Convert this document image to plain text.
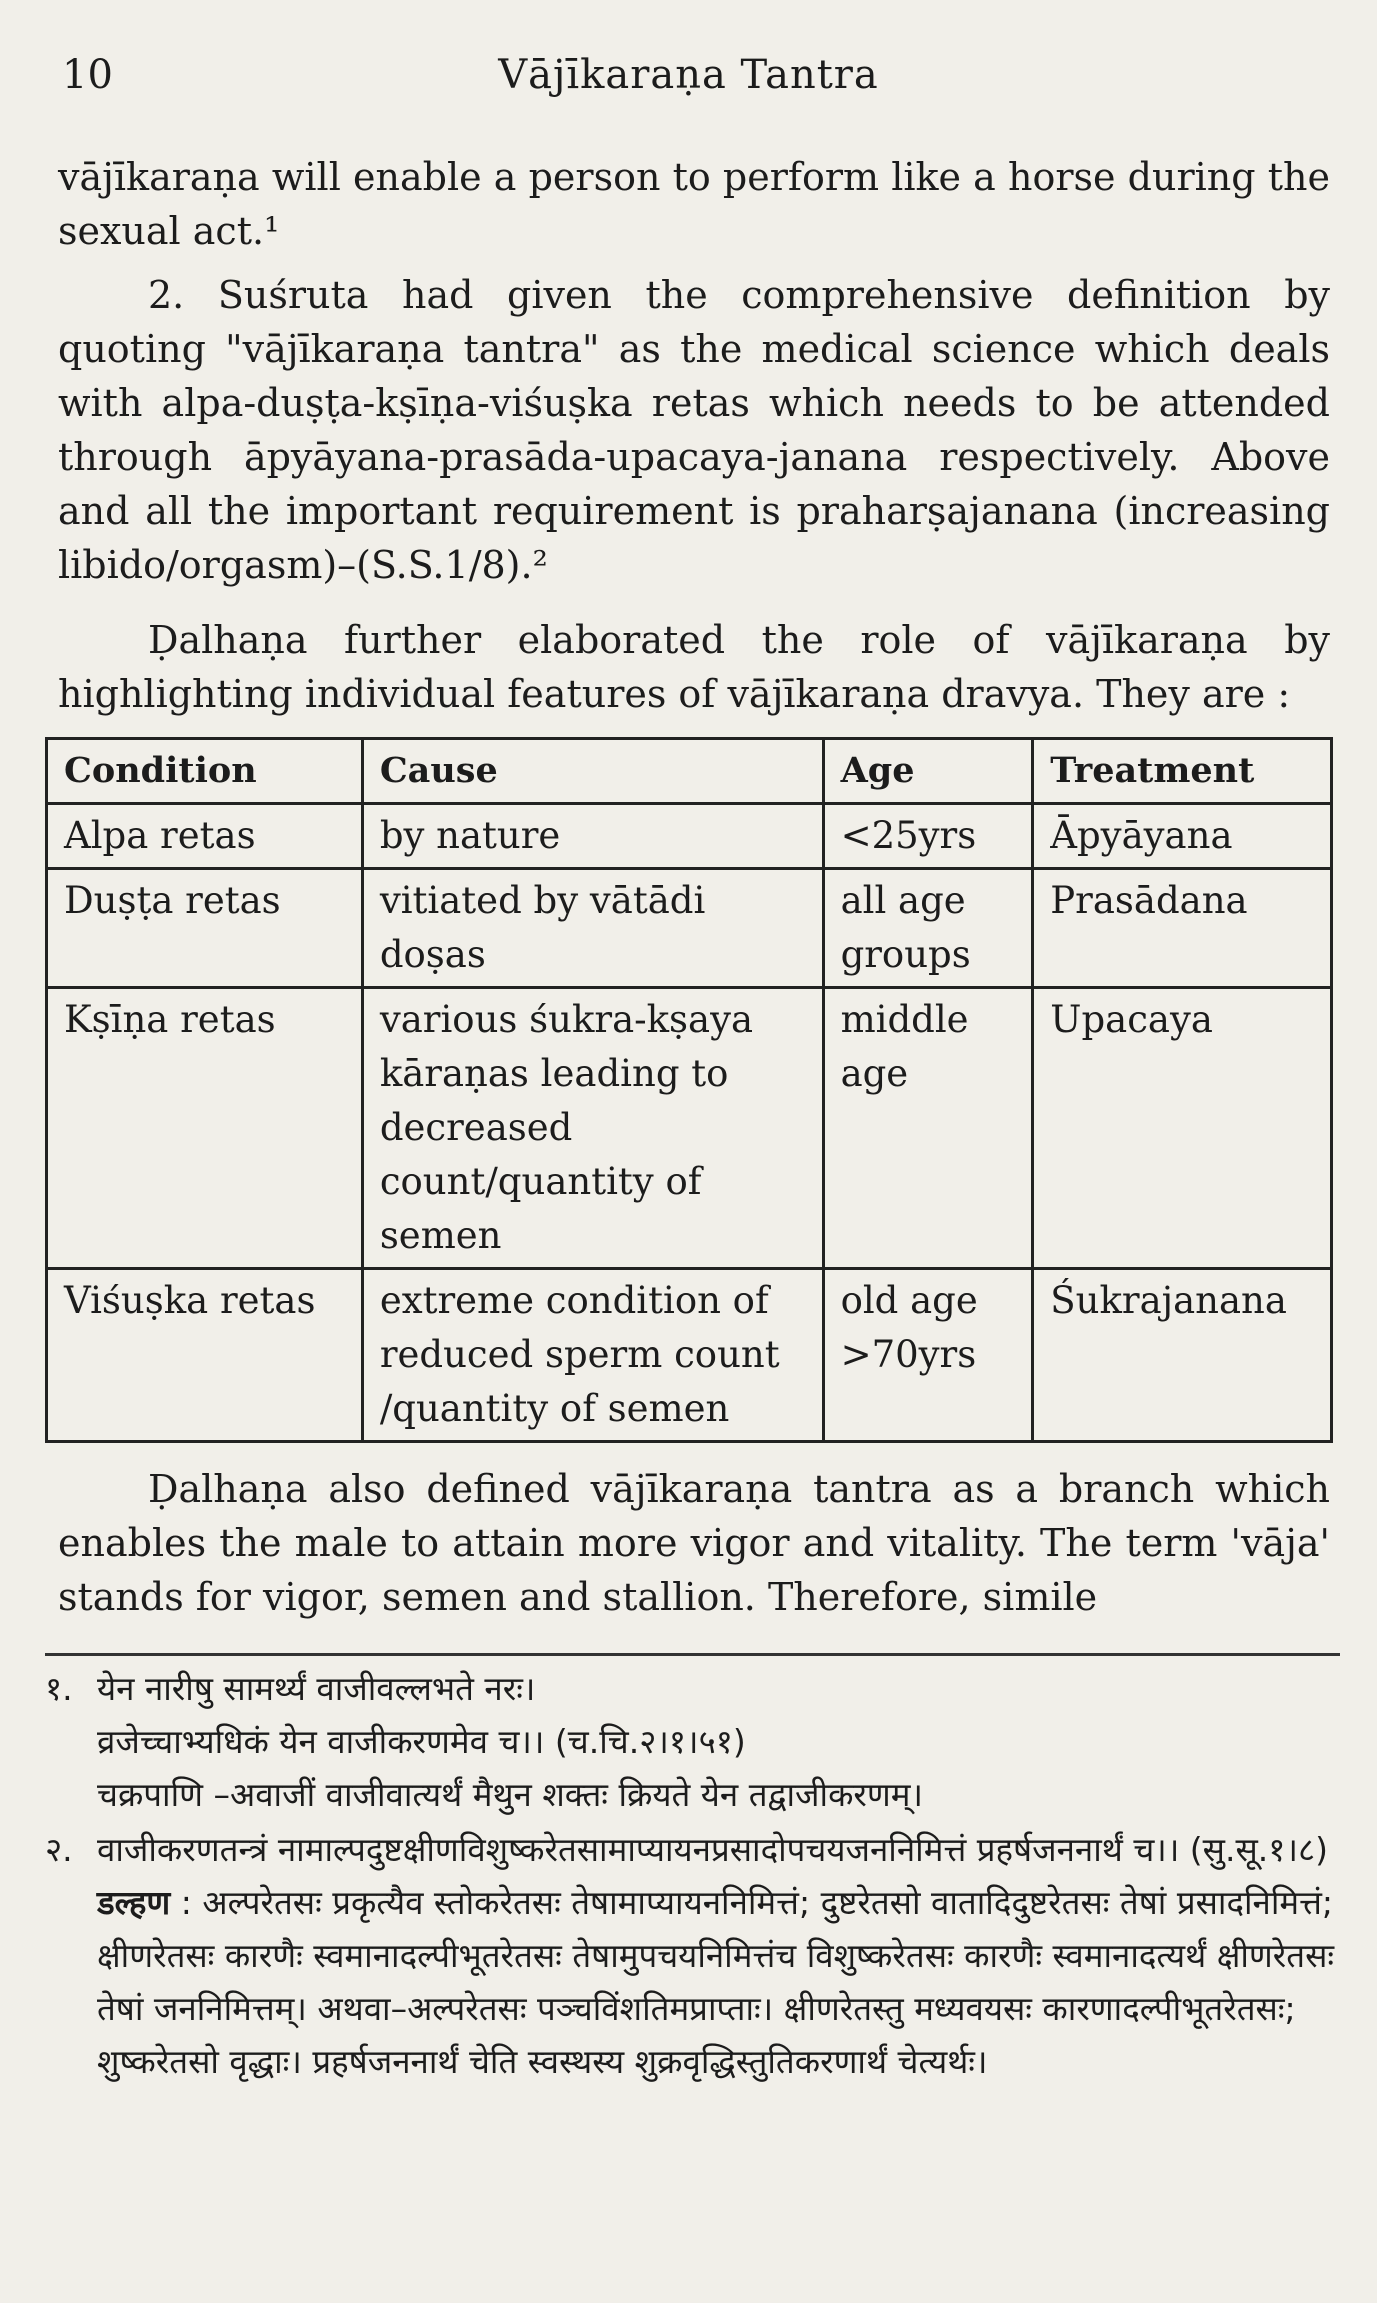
10	Vājīkaraṇa Tantra

vājīkaraṇa will enable a person to perform like a horse during the sexual act.¹

2. Suśruta had given the comprehensive definition by quoting "vājīkaraṇa tantra" as the medical science which deals with alpa-duṣṭa-kṣīṇa-viśuṣka retas which needs to be attended through āpyāyana-prasāda-upacaya-janana respectively. Above and all the important requirement is praharṣajanana (increasing libido/orgasm)–(S.S.1/8).²

Ḍalhaṇa further elaborated the role of vājīkaraṇa by highlighting individual features of vājīkaraṇa dravya. They are :

Condition	Cause	Age	Treatment
Alpa retas	by nature	<25yrs	Āpyāyana
Duṣṭa retas	vitiated by vātādi doṣas	all age groups	Prasādana
Kṣīṇa retas	various śukra-kṣaya kāraṇas leading to decreased count/quantity of semen	middle age	Upacaya
Viśuṣka retas	extreme condition of reduced sperm count /quantity of semen	old age >70yrs	Śukrajanana

Ḍalhaṇa also defined vājīkaraṇa tantra as a branch which enables the male to attain more vigor and vitality. The term 'vāja' stands for vigor, semen and stallion. Therefore, simile

१. येन नारीषु सामर्थ्यं वाजीवल्लभते नरः।

व्रजेच्चाभ्यधिकं येन वाजीकरणमेव च।। (च.चि.२।१।५१)

चक्रपाणि –अवाजीं वाजीवात्यर्थं मैथुन शक्तः क्रियते येन तद्वाजीकरणम्।

२. वाजीकरणतन्त्रं नामाल्पदुष्टक्षीणविशुष्करेतसामाप्यायनप्रसादोपचयजननिमित्तं प्रहर्षजननार्थं च।। (सु.सू.१।८)

डल्हण : अल्परेतसः प्रकृत्यैव स्तोकरेतसः तेषामाप्यायननिमित्तं; दुष्टरेतसो वातादिदुष्टरेतसः तेषां प्रसादनिमित्तं; क्षीणरेतसः कारणैः स्वमानादल्पीभूतरेतसः तेषामुपचयनिमित्तंच विशुष्करेतसः कारणैः स्वमानादत्यर्थं क्षीणरेतसः तेषां जननिमित्तम्। अथवा–अल्परेतसः पञ्चविंशतिमप्राप्ताः। क्षीणरेतस्तु मध्यवयसः कारणादल्पीभूतरेतसः; शुष्करेतसो वृद्धाः। प्रहर्षजननार्थं चेति स्वस्थस्य शुक्रवृद्धिस्तुतिकरणार्थं चेत्यर्थः।
